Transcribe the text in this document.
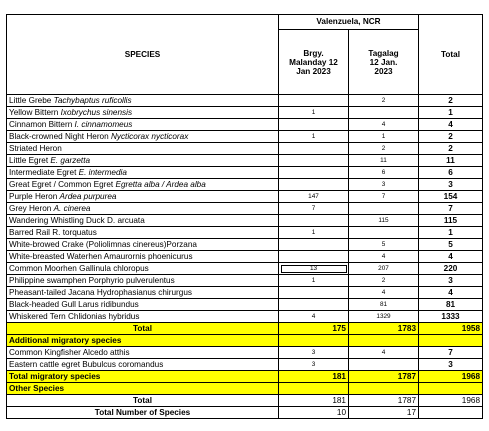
SPECIES	Valenzuela, NCR		Total
	Brgy.
Malanday 12
Jan 2023	Tagalag
12 Jan.
2023	
Little Grebe Tachybaptus ruficollis		2	2
Yellow Bittern Ixobrychus sinensis	1		1
Cinnamon Bittern I. cinnamomeus		4	4
Black-crowned Night Heron Nycticorax nycticorax	1	1	2
Striated Heron		2	2
Little Egret E. garzetta		11	11
Intermediate Egret E. intermedia		6	6
Great Egret / Common Egret Egretta alba / Ardea alba		3	3
Purple Heron Ardea purpurea	147	7	154
Grey Heron A. cinerea	7		7
Wandering Whistling Duck D. arcuata		115	115
Barred Rail R. torquatus	1		1
White-browed Crake (Poliolimnas cinereus)Porzana		5	5
White-breasted Waterhen Amaurornis phoenicurus		4	4
Common Moorhen Gallinula chloropus	13	207	220
Philippine swamphen Porphyrio pulverulentus	1	2	3
Pheasant-tailed Jacana Hydrophasianus chirurgus		4	4
Black-headed Gull Larus ridibundus		81	81
Whiskered Tern Chlidonias hybridus	4	1329	1333
Total	175	1783	1958
Additional migratory species			
Common Kingfisher Alcedo atthis	3	4	7
Eastern cattle egret Bubulcus coromandus	3		3
Total migratory species	181	1787	1968
Other Species			
Total	181	1787	1968
Total Number of Species	10	17	
